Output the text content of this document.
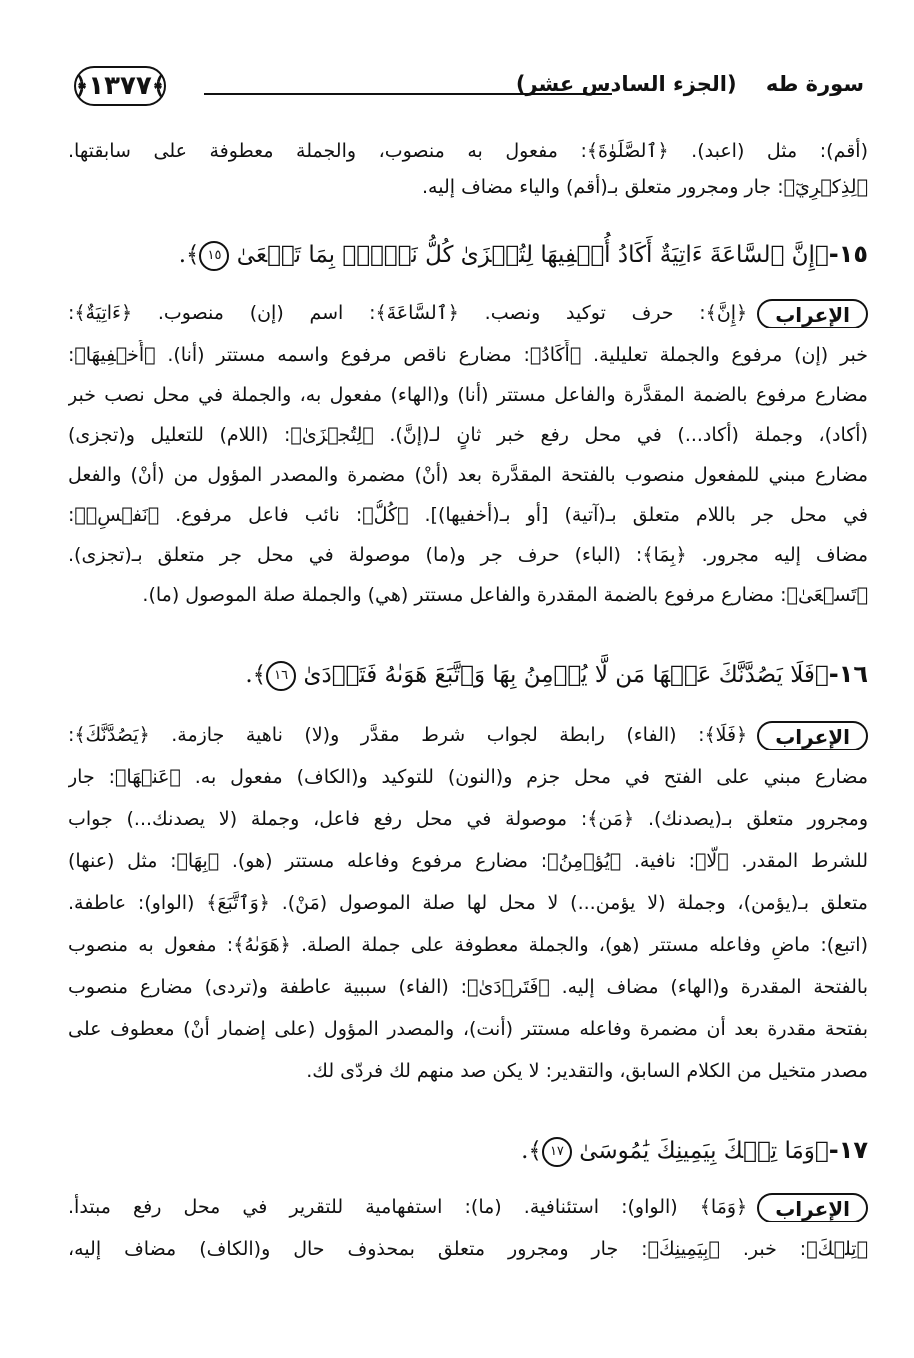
﴾
١٣٧٧
﴿	سورة طه    (الجزء السادس عشر)
(أقم): مثل (اعبد). ﴿ٱلصَّلَوٰةَ﴾: مفعول به منصوب، والجملة معطوفة على سابقتها.
﴿لِذِكۡرِيٓ﴾: جار ومجرور متعلق بـ(أقم) والياء مضاف إليه.
١٥-﴿إِنَّ ٱلسَّاعَةَ ءَاتِيَةٌ أَكَادُ أُخۡفِيهَا لِتُجۡزَىٰ كُلُّ نَفۡسِۭ بِمَا تَسۡعَىٰ ١٥﴾.
الإعراب﴿إِنَّ﴾: حرف توكيد ونصب. ﴿ٱلسَّاعَةَ﴾: اسم (إن) منصوب. ﴿ءَاتِيَةٌ﴾:
خبر (إن) مرفوع والجملة تعليلية. ﴿أَكَادُ﴾: مضارع ناقص مرفوع واسمه مستتر (أنا). ﴿أُخۡفِيهَا﴾:
مضارع مرفوع بالضمة المقدَّرة والفاعل مستتر (أنا) و(الهاء) مفعول به، والجملة في محل نصب خبر
(أكاد)، وجملة (أكاد...) في محل رفع خبر ثانٍ لـ(إنَّ). ﴿لِتُجۡزَىٰ﴾: (اللام) للتعليل و(تجزى)
مضارع مبني للمفعول منصوب بالفتحة المقدَّرة بعد (أنْ) مضمرة والمصدر المؤول من (أنْ) والفعل
في محل جر باللام متعلق بـ(آتية) [أو بـ(أخفيها)]. ﴿كُلُّ﴾: نائب فاعل مرفوع. ﴿نَفۡسِۭ﴾:
مضاف إليه مجرور. ﴿بِمَا﴾: (الباء) حرف جر و(ما) موصولة في محل جر متعلق بـ(تجزى).
﴿تَسۡعَىٰ﴾: مضارع مرفوع بالضمة المقدرة والفاعل مستتر (هي) والجملة صلة الموصول (ما).
١٦-﴿فَلَا يَصُدَّنَّكَ عَنۡهَا مَن لَّا يُؤۡمِنُ بِهَا وَٱتَّبَعَ هَوَىٰهُ فَتَرۡدَىٰ ١٦﴾.
الإعراب﴿فَلَا﴾: (الفاء) رابطة لجواب شرط مقدَّر و(لا) ناهية جازمة. ﴿يَصُدَّنَّكَ﴾:
مضارع مبني على الفتح في محل جزم و(النون) للتوكيد و(الكاف) مفعول به. ﴿عَنۡهَا﴾: جار
ومجرور متعلق بـ(يصدنك). ﴿مَن﴾: موصولة في محل رفع فاعل، وجملة (لا يصدنك...) جواب
للشرط المقدر. ﴿لَّا﴾: نافية. ﴿يُؤۡمِنُ﴾: مضارع مرفوع وفاعله مستتر (هو). ﴿بِهَا﴾: مثل (عنها)
متعلق بـ(يؤمن)، وجملة (لا يؤمن...) لا محل لها صلة الموصول (مَنْ). ﴿وَٱتَّبَعَ﴾ (الواو): عاطفة.
(اتبع): ماضٍ وفاعله مستتر (هو)، والجملة معطوفة على جملة الصلة. ﴿هَوَىٰهُ﴾: مفعول به منصوب
بالفتحة المقدرة و(الهاء) مضاف إليه. ﴿فَتَرۡدَىٰ﴾: (الفاء) سببية عاطفة و(تردى) مضارع منصوب
بفتحة مقدرة بعد أن مضمرة وفاعله مستتر (أنت)، والمصدر المؤول (على إضمار أنْ) معطوف على
مصدر متخيل من الكلام السابق، والتقدير: لا يكن صد منهم لك فردّى لك.
١٧-﴿وَمَا تِلۡكَ بِيَمِينِكَ يَٰمُوسَىٰ ١٧﴾.
الإعراب﴿وَمَا﴾ (الواو): استئنافية. (ما): استفهامية للتقرير في محل رفع مبتدأ.
﴿تِلۡكَ﴾: خبر. ﴿بِيَمِينِكَ﴾: جار ومجرور متعلق بمحذوف حال و(الكاف) مضاف إليه،
